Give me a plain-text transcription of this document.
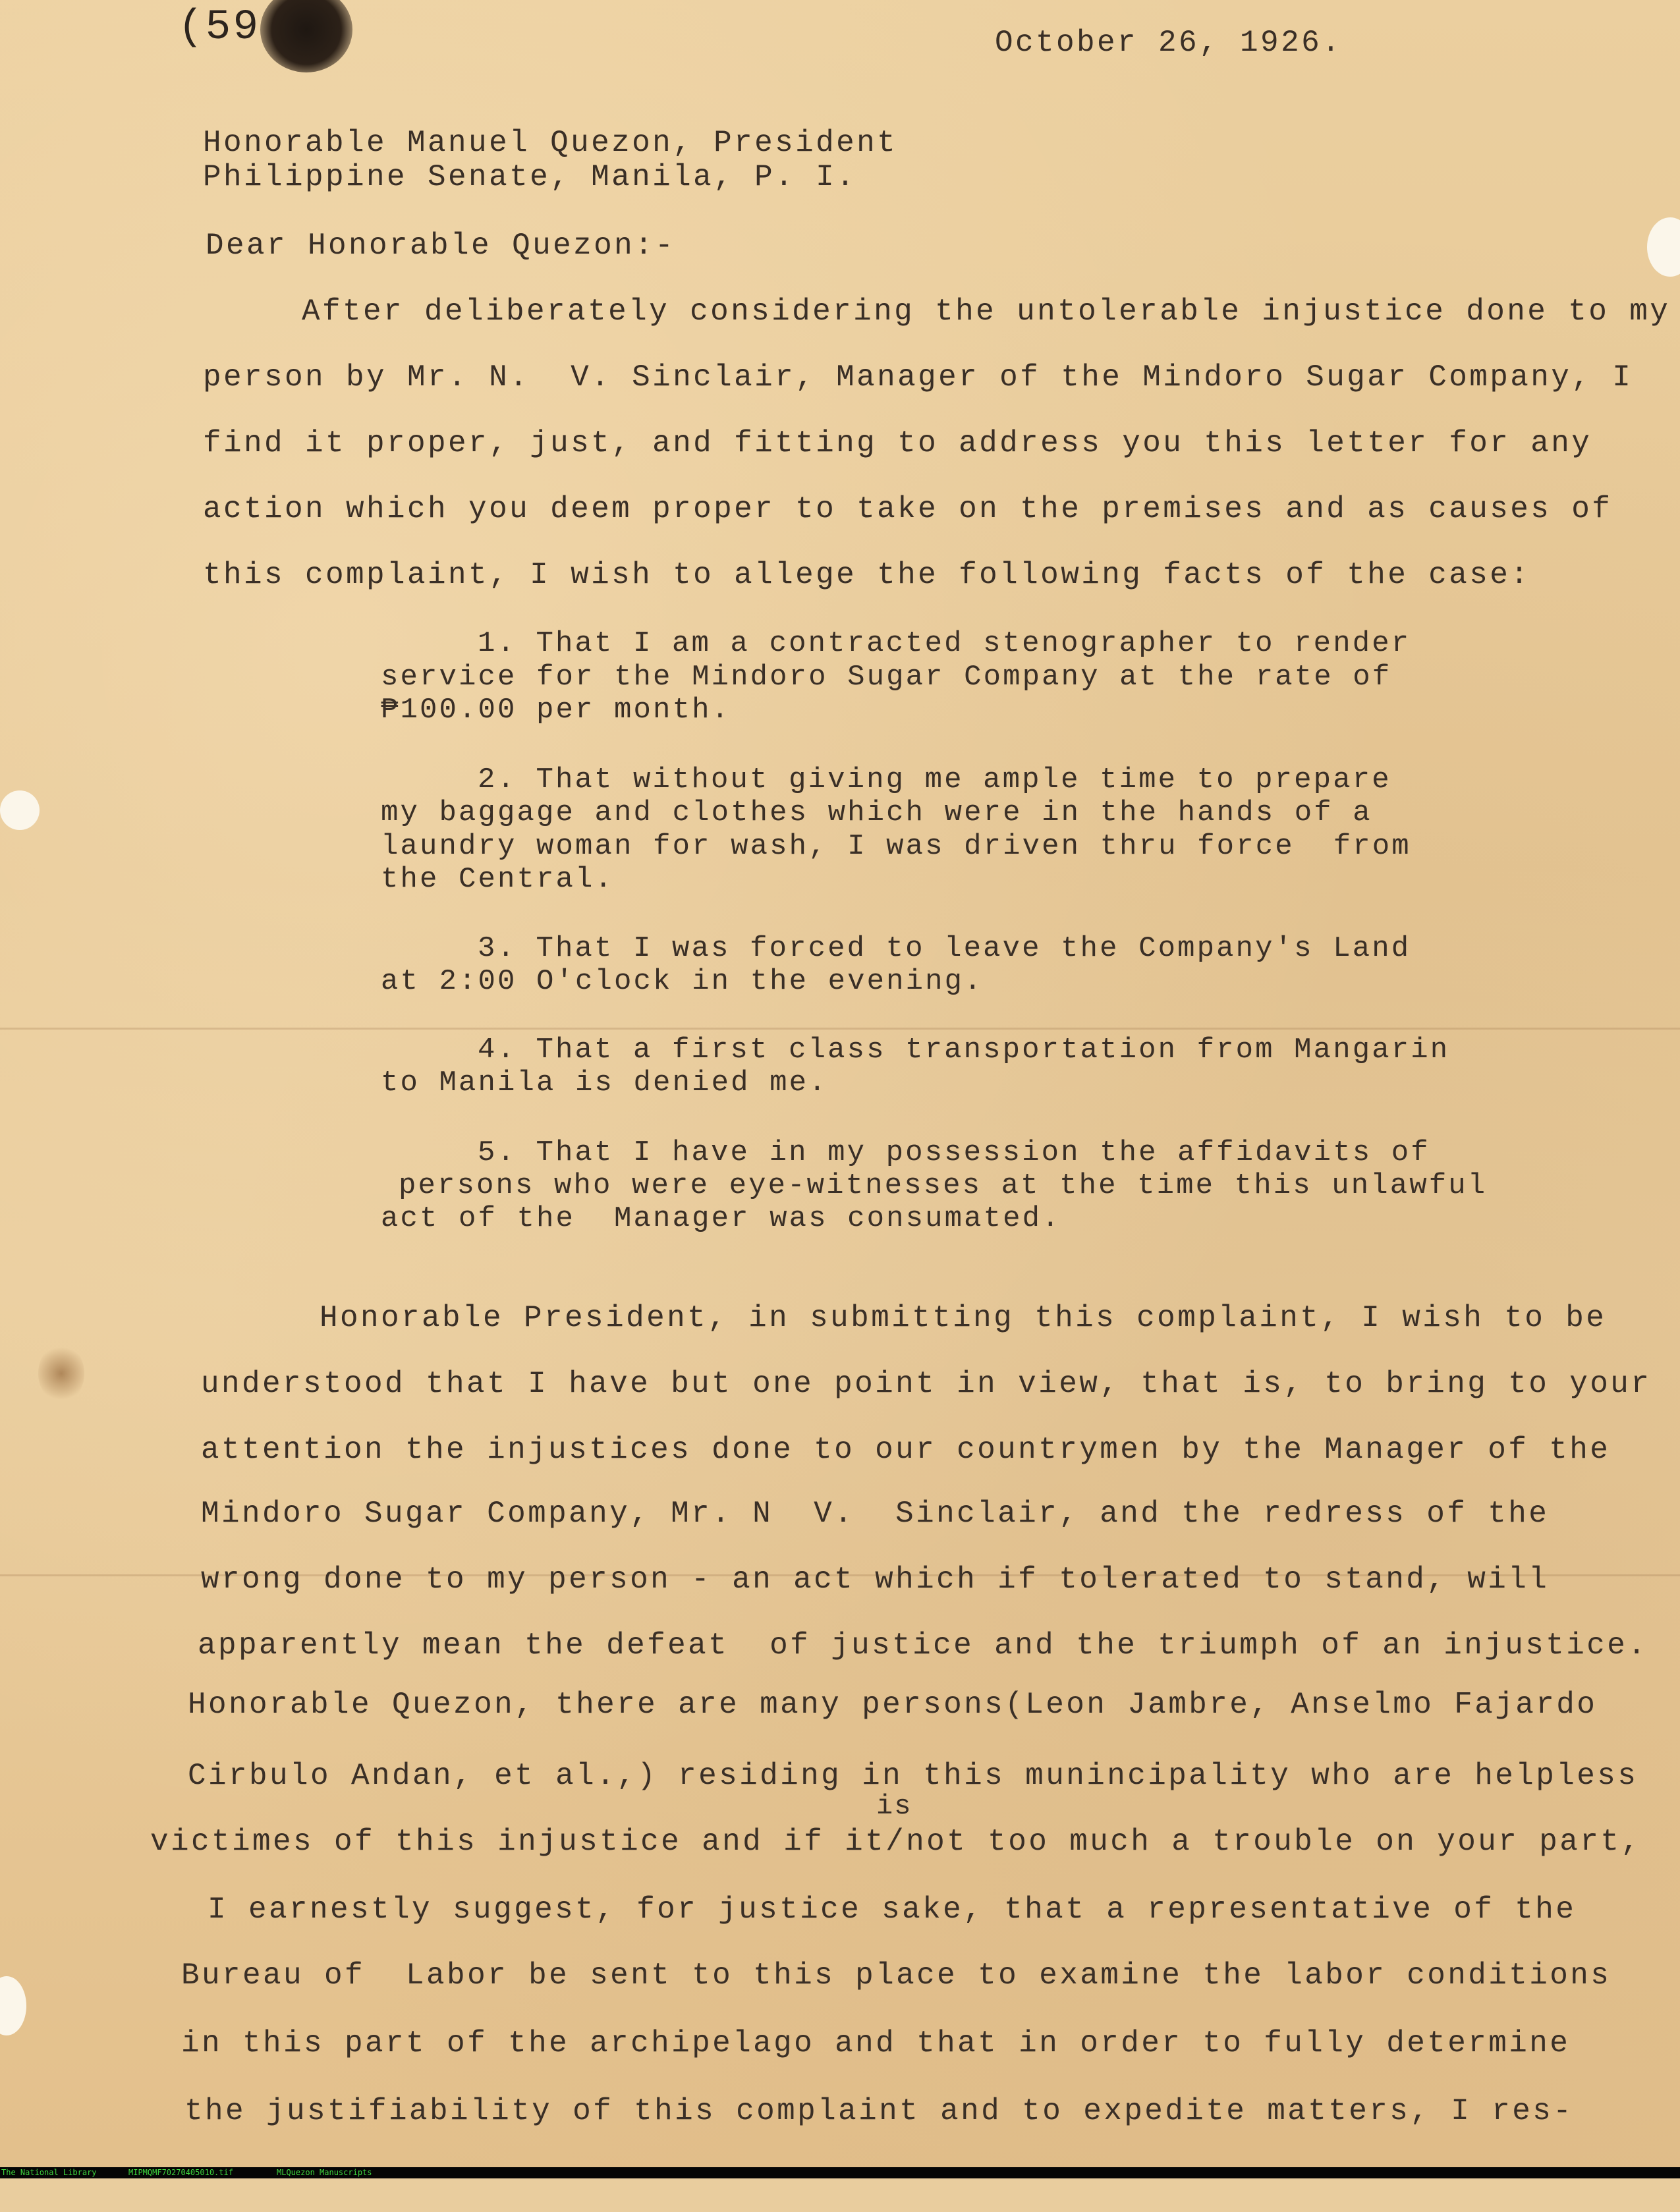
(59	October 26, 1926.
Honorable Manuel Quezon, President
Philippine Senate, Manila, P. I.
Dear Honorable Quezon:-
After deliberately considering the untolerable injustice done to my
person by Mr. N.  V. Sinclair, Manager of the Mindoro Sugar Company, I
find it proper, just, and fitting to address you this letter for any
action which you deem proper to take on the premises and as causes of
this complaint, I wish to allege the following facts of the case:
1. That I am a contracted stenographer to render
service for the Mindoro Sugar Company at the rate of
₱100.00 per month.
2. That without giving me ample time to prepare
my baggage and clothes which were in the hands of a
laundry woman for wash, I was driven thru force  from
the Central.
3. That I was forced to leave the Company's Land
at 2:00 O'clock in the evening.
4. That a first class transportation from Mangarin
to Manila is denied me.
5. That I have in my possession the affidavits of
persons who were eye-witnesses at the time this unlawful
act of the  Manager was consumated.
Honorable President, in submitting this complaint, I wish to be
understood that I have but one point in view, that is, to bring to your
attention the injustices done to our countrymen by the Manager of the
Mindoro Sugar Company, Mr. N  V.  Sinclair, and the redress of the
wrong done to my person - an act which if tolerated to stand, will
apparently mean the defeat  of justice and the triumph of an injustice.
Honorable Quezon, there are many persons(Leon Jambre, Anselmo Fajardo
Cirbulo Andan, et al.,) residing in this munincipality who are helpless
is
victimes of this injustice and if it/not too much a trouble on your part,
I earnestly suggest, for justice sake, that a representative of the
Bureau of  Labor be sent to this place to examine the labor conditions
in this part of the archipelago and that in order to fully determine
the justifiability of this complaint and to expedite matters, I res-

The National Library

	MIPMQMF70270405010.tif

	MLQuezon Manuscripts
